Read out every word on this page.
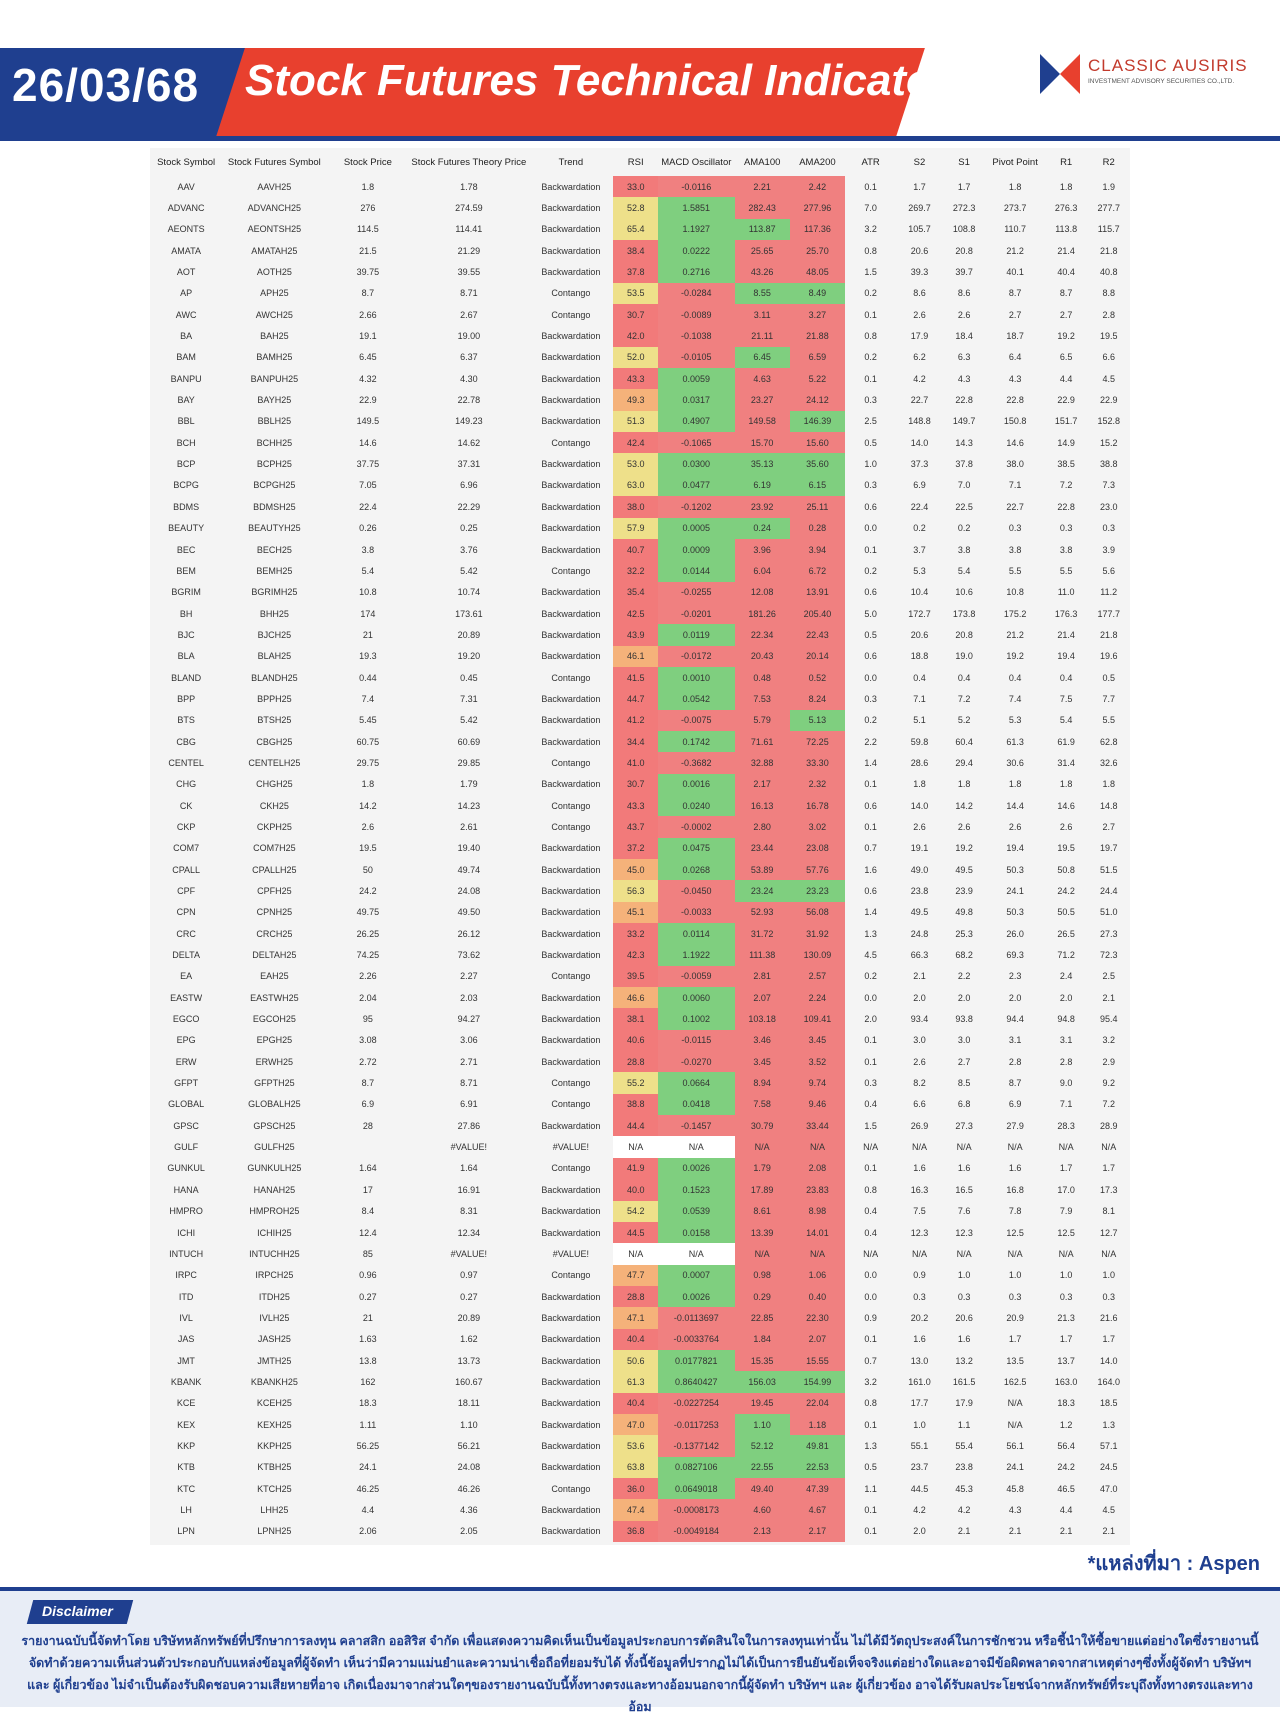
26/03/68 Stock Futures Technical Indicator	CLASSIC AUSIRIS
INVESTMENT ADVISORY SECURITIES CO.,LTD.
Stock Symbol	Stock Futures Symbol	Stock Price	Stock Futures Theory Price	Trend	RSI	MACD Oscillator	AMA100	AMA200	ATR	S2	S1	Pivot Point	R1	R2
AAV	AAVH25	1.8	1.78	Backwardation	33.0	-0.0116	2.21	2.42	0.1	1.7	1.7	1.8	1.8	1.9
ADVANC	ADVANCH25	276	274.59	Backwardation	52.8	1.5851	282.43	277.96	7.0	269.7	272.3	273.7	276.3	277.7
AEONTS	AEONTSH25	114.5	114.41	Backwardation	65.4	1.1927	113.87	117.36	3.2	105.7	108.8	110.7	113.8	115.7
AMATA	AMATAH25	21.5	21.29	Backwardation	38.4	0.0222	25.65	25.70	0.8	20.6	20.8	21.2	21.4	21.8
AOT	AOTH25	39.75	39.55	Backwardation	37.8	0.2716	43.26	48.05	1.5	39.3	39.7	40.1	40.4	40.8
AP	APH25	8.7	8.71	Contango	53.5	-0.0284	8.55	8.49	0.2	8.6	8.6	8.7	8.7	8.8
AWC	AWCH25	2.66	2.67	Contango	30.7	-0.0089	3.11	3.27	0.1	2.6	2.6	2.7	2.7	2.8
BA	BAH25	19.1	19.00	Backwardation	42.0	-0.1038	21.11	21.88	0.8	17.9	18.4	18.7	19.2	19.5
BAM	BAMH25	6.45	6.37	Backwardation	52.0	-0.0105	6.45	6.59	0.2	6.2	6.3	6.4	6.5	6.6
BANPU	BANPUH25	4.32	4.30	Backwardation	43.3	0.0059	4.63	5.22	0.1	4.2	4.3	4.3	4.4	4.5
BAY	BAYH25	22.9	22.78	Backwardation	49.3	0.0317	23.27	24.12	0.3	22.7	22.8	22.8	22.9	22.9
BBL	BBLH25	149.5	149.23	Backwardation	51.3	0.4907	149.58	146.39	2.5	148.8	149.7	150.8	151.7	152.8
BCH	BCHH25	14.6	14.62	Contango	42.4	-0.1065	15.70	15.60	0.5	14.0	14.3	14.6	14.9	15.2
BCP	BCPH25	37.75	37.31	Backwardation	53.0	0.0300	35.13	35.60	1.0	37.3	37.8	38.0	38.5	38.8
BCPG	BCPGH25	7.05	6.96	Backwardation	63.0	0.0477	6.19	6.15	0.3	6.9	7.0	7.1	7.2	7.3
BDMS	BDMSH25	22.4	22.29	Backwardation	38.0	-0.1202	23.92	25.11	0.6	22.4	22.5	22.7	22.8	23.0
BEAUTY	BEAUTYH25	0.26	0.25	Backwardation	57.9	0.0005	0.24	0.28	0.0	0.2	0.2	0.3	0.3	0.3
BEC	BECH25	3.8	3.76	Backwardation	40.7	0.0009	3.96	3.94	0.1	3.7	3.8	3.8	3.8	3.9
BEM	BEMH25	5.4	5.42	Contango	32.2	0.0144	6.04	6.72	0.2	5.3	5.4	5.5	5.5	5.6
BGRIM	BGRIMH25	10.8	10.74	Backwardation	35.4	-0.0255	12.08	13.91	0.6	10.4	10.6	10.8	11.0	11.2
BH	BHH25	174	173.61	Backwardation	42.5	-0.0201	181.26	205.40	5.0	172.7	173.8	175.2	176.3	177.7
BJC	BJCH25	21	20.89	Backwardation	43.9	0.0119	22.34	22.43	0.5	20.6	20.8	21.2	21.4	21.8
BLA	BLAH25	19.3	19.20	Backwardation	46.1	-0.0172	20.43	20.14	0.6	18.8	19.0	19.2	19.4	19.6
BLAND	BLANDH25	0.44	0.45	Contango	41.5	0.0010	0.48	0.52	0.0	0.4	0.4	0.4	0.4	0.5
BPP	BPPH25	7.4	7.31	Backwardation	44.7	0.0542	7.53	8.24	0.3	7.1	7.2	7.4	7.5	7.7
BTS	BTSH25	5.45	5.42	Backwardation	41.2	-0.0075	5.79	5.13	0.2	5.1	5.2	5.3	5.4	5.5
CBG	CBGH25	60.75	60.69	Backwardation	34.4	0.1742	71.61	72.25	2.2	59.8	60.4	61.3	61.9	62.8
CENTEL	CENTELH25	29.75	29.85	Contango	41.0	-0.3682	32.88	33.30	1.4	28.6	29.4	30.6	31.4	32.6
CHG	CHGH25	1.8	1.79	Backwardation	30.7	0.0016	2.17	2.32	0.1	1.8	1.8	1.8	1.8	1.8
CK	CKH25	14.2	14.23	Contango	43.3	0.0240	16.13	16.78	0.6	14.0	14.2	14.4	14.6	14.8
CKP	CKPH25	2.6	2.61	Contango	43.7	-0.0002	2.80	3.02	0.1	2.6	2.6	2.6	2.6	2.7
COM7	COM7H25	19.5	19.40	Backwardation	37.2	0.0475	23.44	23.08	0.7	19.1	19.2	19.4	19.5	19.7
CPALL	CPALLH25	50	49.74	Backwardation	45.0	0.0268	53.89	57.76	1.6	49.0	49.5	50.3	50.8	51.5
CPF	CPFH25	24.2	24.08	Backwardation	56.3	-0.0450	23.24	23.23	0.6	23.8	23.9	24.1	24.2	24.4
CPN	CPNH25	49.75	49.50	Backwardation	45.1	-0.0033	52.93	56.08	1.4	49.5	49.8	50.3	50.5	51.0
CRC	CRCH25	26.25	26.12	Backwardation	33.2	0.0114	31.72	31.92	1.3	24.8	25.3	26.0	26.5	27.3
DELTA	DELTAH25	74.25	73.62	Backwardation	42.3	1.1922	111.38	130.09	4.5	66.3	68.2	69.3	71.2	72.3
EA	EAH25	2.26	2.27	Contango	39.5	-0.0059	2.81	2.57	0.2	2.1	2.2	2.3	2.4	2.5
EASTW	EASTWH25	2.04	2.03	Backwardation	46.6	0.0060	2.07	2.24	0.0	2.0	2.0	2.0	2.0	2.1
EGCO	EGCOH25	95	94.27	Backwardation	38.1	0.1002	103.18	109.41	2.0	93.4	93.8	94.4	94.8	95.4
EPG	EPGH25	3.08	3.06	Backwardation	40.6	-0.0115	3.46	3.45	0.1	3.0	3.0	3.1	3.1	3.2
ERW	ERWH25	2.72	2.71	Backwardation	28.8	-0.0270	3.45	3.52	0.1	2.6	2.7	2.8	2.8	2.9
GFPT	GFPTH25	8.7	8.71	Contango	55.2	0.0664	8.94	9.74	0.3	8.2	8.5	8.7	9.0	9.2
GLOBAL	GLOBALH25	6.9	6.91	Contango	38.8	0.0418	7.58	9.46	0.4	6.6	6.8	6.9	7.1	7.2
GPSC	GPSCH25	28	27.86	Backwardation	44.4	-0.1457	30.79	33.44	1.5	26.9	27.3	27.9	28.3	28.9
GULF	GULFH25		#VALUE!	#VALUE!	N/A	N/A	N/A	N/A	N/A	N/A	N/A	N/A	N/A	N/A
GUNKUL	GUNKULH25	1.64	1.64	Contango	41.9	0.0026	1.79	2.08	0.1	1.6	1.6	1.6	1.7	1.7
HANA	HANAH25	17	16.91	Backwardation	40.0	0.1523	17.89	23.83	0.8	16.3	16.5	16.8	17.0	17.3
HMPRO	HMPROH25	8.4	8.31	Backwardation	54.2	0.0539	8.61	8.98	0.4	7.5	7.6	7.8	7.9	8.1
ICHI	ICHIH25	12.4	12.34	Backwardation	44.5	0.0158	13.39	14.01	0.4	12.3	12.3	12.5	12.5	12.7
INTUCH	INTUCHH25	85	#VALUE!	#VALUE!	N/A	N/A	N/A	N/A	N/A	N/A	N/A	N/A	N/A	N/A
IRPC	IRPCH25	0.96	0.97	Contango	47.7	0.0007	0.98	1.06	0.0	0.9	1.0	1.0	1.0	1.0
ITD	ITDH25	0.27	0.27	Backwardation	28.8	0.0026	0.29	0.40	0.0	0.3	0.3	0.3	0.3	0.3
IVL	IVLH25	21	20.89	Backwardation	47.1	-0.0113697	22.85	22.30	0.9	20.2	20.6	20.9	21.3	21.6
JAS	JASH25	1.63	1.62	Backwardation	40.4	-0.0033764	1.84	2.07	0.1	1.6	1.6	1.7	1.7	1.7
JMT	JMTH25	13.8	13.73	Backwardation	50.6	0.0177821	15.35	15.55	0.7	13.0	13.2	13.5	13.7	14.0
KBANK	KBANKH25	162	160.67	Backwardation	61.3	0.8640427	156.03	154.99	3.2	161.0	161.5	162.5	163.0	164.0
KCE	KCEH25	18.3	18.11	Backwardation	40.4	-0.0227254	19.45	22.04	0.8	17.7	17.9	N/A	18.3	18.5
KEX	KEXH25	1.11	1.10	Backwardation	47.0	-0.0117253	1.10	1.18	0.1	1.0	1.1	N/A	1.2	1.3
KKP	KKPH25	56.25	56.21	Backwardation	53.6	-0.1377142	52.12	49.81	1.3	55.1	55.4	56.1	56.4	57.1
KTB	KTBH25	24.1	24.08	Backwardation	63.8	0.0827106	22.55	22.53	0.5	23.7	23.8	24.1	24.2	24.5
KTC	KTCH25	46.25	46.26	Contango	36.0	0.0649018	49.40	47.39	1.1	44.5	45.3	45.8	46.5	47.0
LH	LHH25	4.4	4.36	Backwardation	47.4	-0.0008173	4.60	4.67	0.1	4.2	4.2	4.3	4.4	4.5
LPN	LPNH25	2.06	2.05	Backwardation	36.8	-0.0049184	2.13	2.17	0.1	2.0	2.1	2.1	2.1	2.1
*แหล่งที่มา : Aspen
Disclaimer
รายงานฉบับนี้จัดทำโดย บริษัทหลักทรัพย์ที่ปรึกษาการลงทุน คลาสสิก ออสิริส จำกัด เพื่อแสดงความคิดเห็นเป็นข้อมูลประกอบการตัดสินใจในการลงทุนเท่านั้น ไม่ได้มีวัตถุประสงค์ในการชักชวน หรือชี้นำให้ซื้อขายแต่อย่างใดซึ่งรายงานนี้ จัดทำด้วยความเห็นส่วนตัวประกอบกับแหล่งข้อมูลที่ผู้จัดทำ เห็นว่ามีความแม่นยำและความน่าเชื่อถือที่ยอมรับได้ ทั้งนี้ข้อมูลที่ปรากฏไม่ได้เป็นการยืนยันข้อเท็จจริงแต่อย่างใดและอาจมีข้อผิดพลาดจากสาเหตุต่างๆซึ่งทั้งผู้จัดทำ บริษัทฯ และ ผู้เกี่ยวข้อง ไม่จำเป็นต้องรับผิดชอบความเสียหายที่อาจ เกิดเนื่องมาจากส่วนใดๆของรายงานฉบับนี้ทั้งทางตรงและทางอ้อมนอกจากนี้ผู้จัดทำ บริษัทฯ และ ผู้เกี่ยวข้อง อาจได้รับผลประโยชน์จากหลักทรัพย์ที่ระบุถึงทั้งทางตรงและทางอ้อม
